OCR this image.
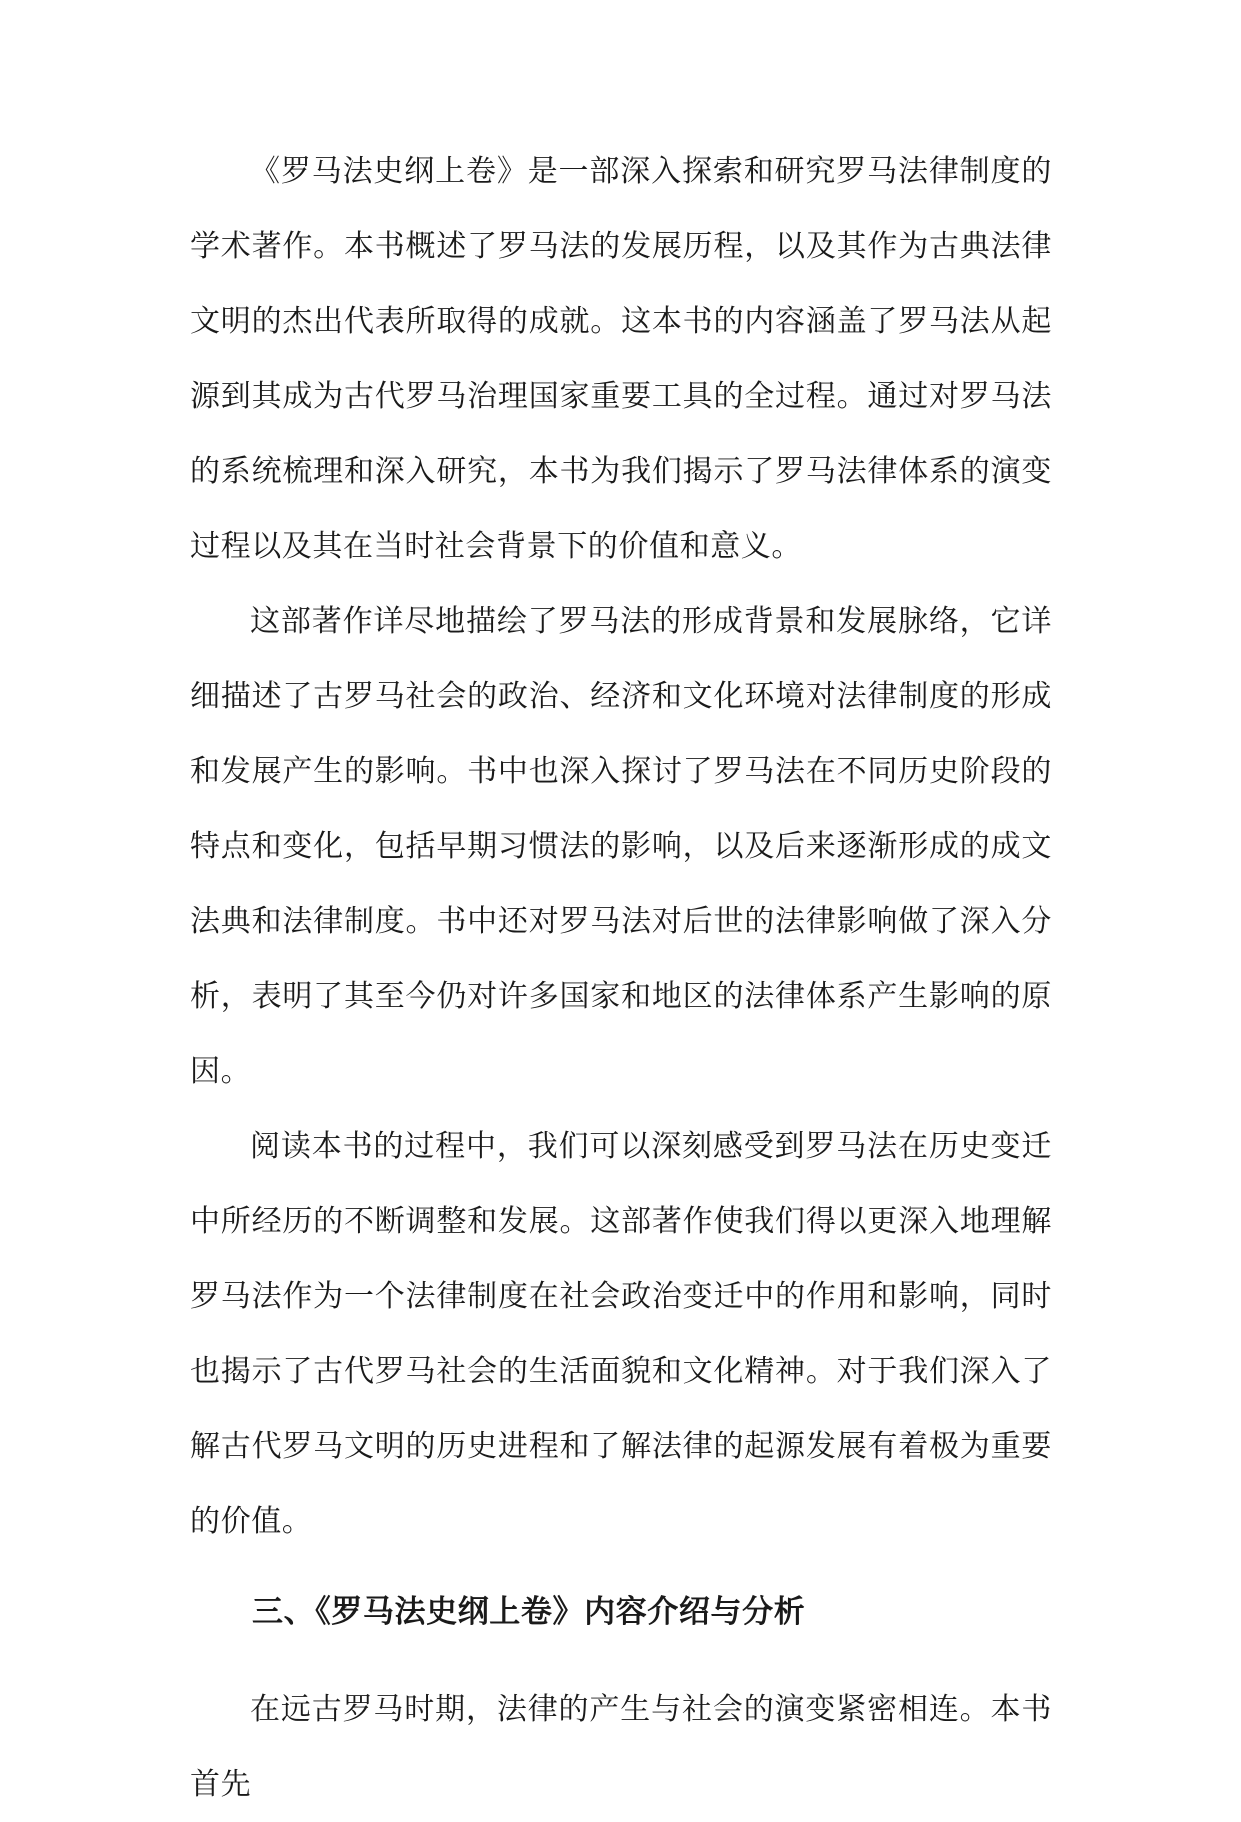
《罗马法史纲上卷》是一部深入探索和研究罗马法律制度的学术著作。本书概述了罗马法的发展历程，以及其作为古典法律文明的杰出代表所取得的成就。这本书的内容涵盖了罗马法从起源到其成为古代罗马治理国家重要工具的全过程。通过对罗马法的系统梳理和深入研究，本书为我们揭示了罗马法律体系的演变过程以及其在当时社会背景下的价值和意义。

这部著作详尽地描绘了罗马法的形成背景和发展脉络，它详细描述了古罗马社会的政治、经济和文化环境对法律制度的形成和发展产生的影响。书中也深入探讨了罗马法在不同历史阶段的特点和变化，包括早期习惯法的影响，以及后来逐渐形成的成文法典和法律制度。书中还对罗马法对后世的法律影响做了深入分析，表明了其至今仍对许多国家和地区的法律体系产生影响的原因。

阅读本书的过程中，我们可以深刻感受到罗马法在历史变迁中所经历的不断调整和发展。这部著作使我们得以更深入地理解罗马法作为一个法律制度在社会政治变迁中的作用和影响，同时也揭示了古代罗马社会的生活面貌和文化精神。对于我们深入了解古代罗马文明的历史进程和了解法律的起源发展有着极为重要的价值。

三、《罗马法史纲上卷》内容介绍与分析

在远古罗马时期，法律的产生与社会的演变紧密相连。本书首先
